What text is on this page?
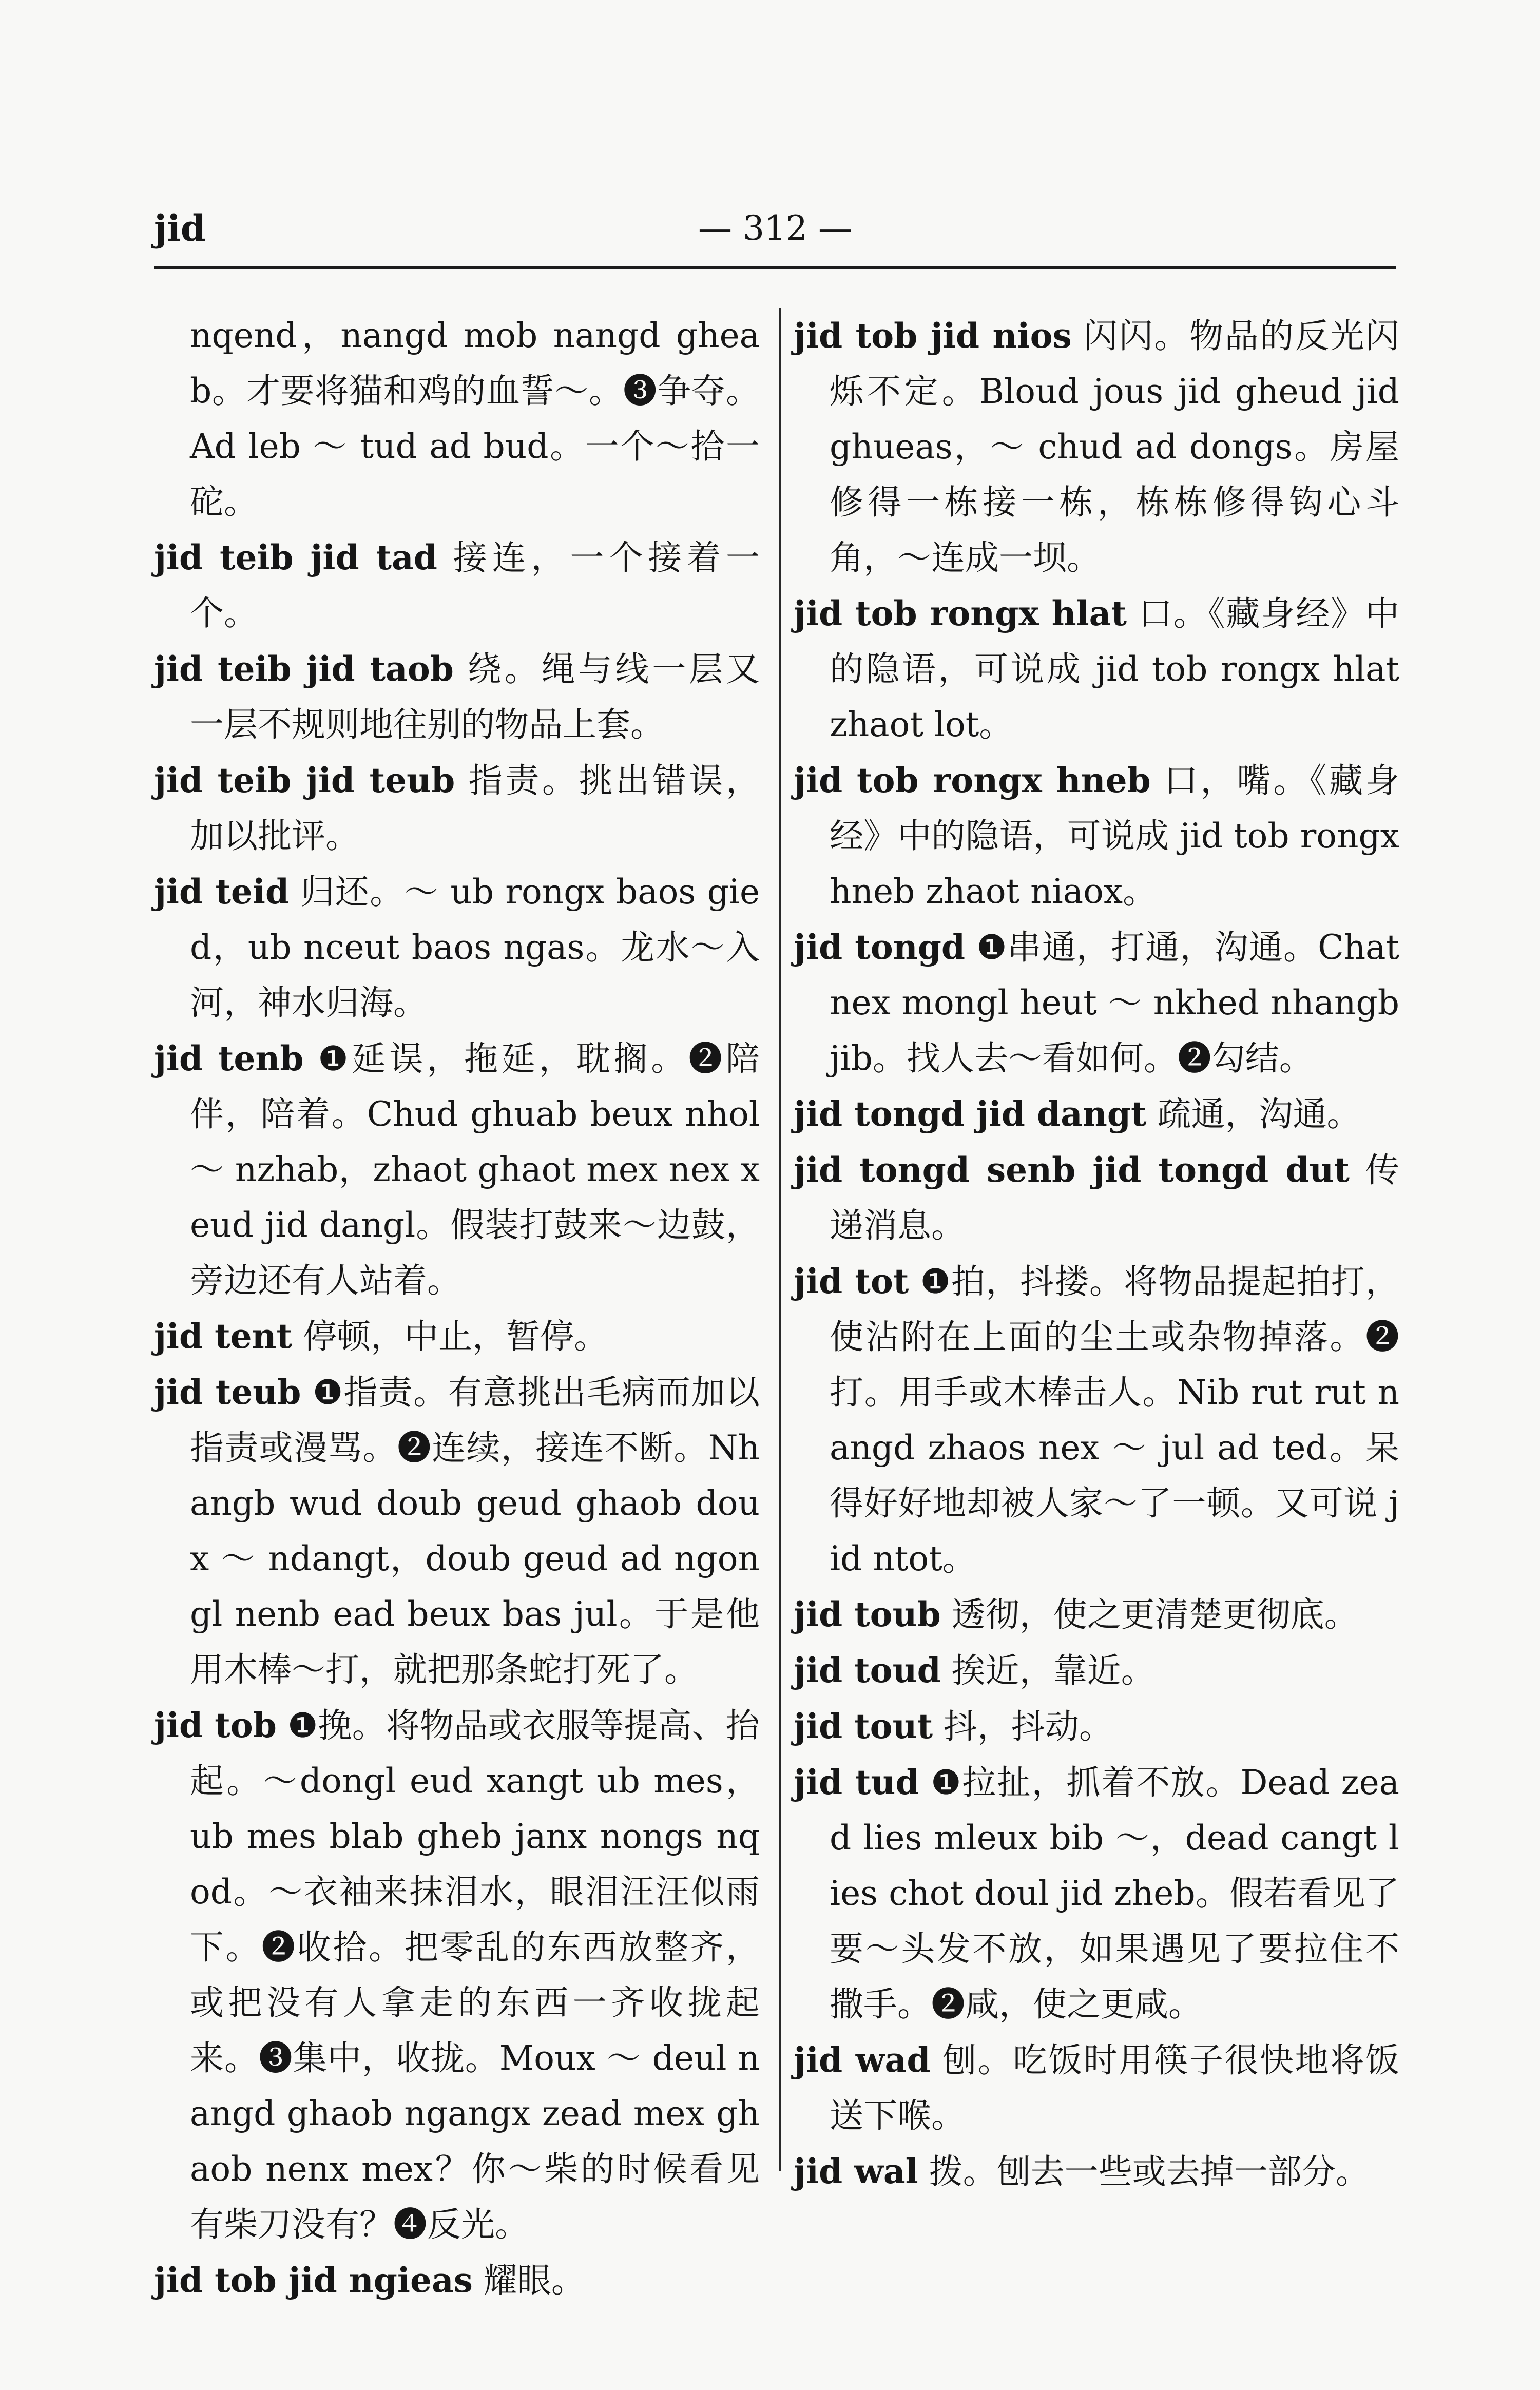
jid	— 312 —
nqend，nangd mob nangd gheab。才要将猫和鸡的血誓～。❸争夺。Ad leb ～ tud ad bud。一个～拾一砣。
jid teib jid tad 接连，一个接着一个。
jid teib jid taob 绕。绳与线一层又一层不规则地往别的物品上套。
jid teib jid teub 指责。挑出错误，加以批评。
jid teid 归还。～ ub rongx baos gied，ub nceut baos ngas。龙水～入河，神水归海。
jid tenb ❶延误，拖延，耽搁。❷陪伴，陪着。Chud ghuab beux nhol ～ nzhab，zhaot ghaot mex nex xeud jid dangl。假装打鼓来～边鼓，旁边还有人站着。
jid tent 停顿，中止，暂停。
jid teub ❶指责。有意挑出毛病而加以指责或漫骂。❷连续，接连不断。Nhangb wud doub geud ghaob doux ～ ndangt，doub geud ad ngongl nenb ead beux bas jul。于是他用木棒～打，就把那条蛇打死了。
jid tob ❶挽。将物品或衣服等提高、抬起。～dongl eud xangt ub mes，ub mes blab gheb janx nongs nqod。～衣袖来抹泪水，眼泪汪汪似雨下。❷收拾。把零乱的东西放整齐，或把没有人拿走的东西一齐收拢起来。❸集中，收拢。Moux ～ deul nangd ghaob ngangx zead mex ghaob nenx mex？你～柴的时候看见有柴刀没有？❹反光。
jid tob jid ngieas 耀眼。
jid tob jid nios 闪闪。物品的反光闪烁不定。Bloud jous jid gheud jid ghueas，～ chud ad dongs。房屋修得一栋接一栋，栋栋修得钩心斗角，～连成一坝。
jid tob rongx hlat 口。《藏身经》中的隐语，可说成 jid tob rongx hlat zhaot lot。
jid tob rongx hneb 口，嘴。《藏身经》中的隐语，可说成 jid tob rongx hneb zhaot niaox。
jid tongd ❶串通，打通，沟通。Chat nex mongl heut ～ nkhed nhangb jib。找人去～看如何。❷勾结。
jid tongd jid dangt 疏通，沟通。
jid tongd senb jid tongd dut 传递消息。
jid tot ❶拍，抖搂。将物品提起拍打，使沾附在上面的尘土或杂物掉落。❷打。用手或木棒击人。Nib rut rut nangd zhaos nex ～ jul ad ted。呆得好好地却被人家～了一顿。又可说 jid ntot。
jid toub 透彻，使之更清楚更彻底。
jid toud 挨近，靠近。
jid tout 抖，抖动。
jid tud ❶拉扯，抓着不放。Dead zead lies mleux bib ～，dead cangt lies chot doul jid zheb。假若看见了要～头发不放，如果遇见了要拉住不撒手。❷咸，使之更咸。
jid wad 刨。吃饭时用筷子很快地将饭送下喉。
jid wal 拨。刨去一些或去掉一部分。
